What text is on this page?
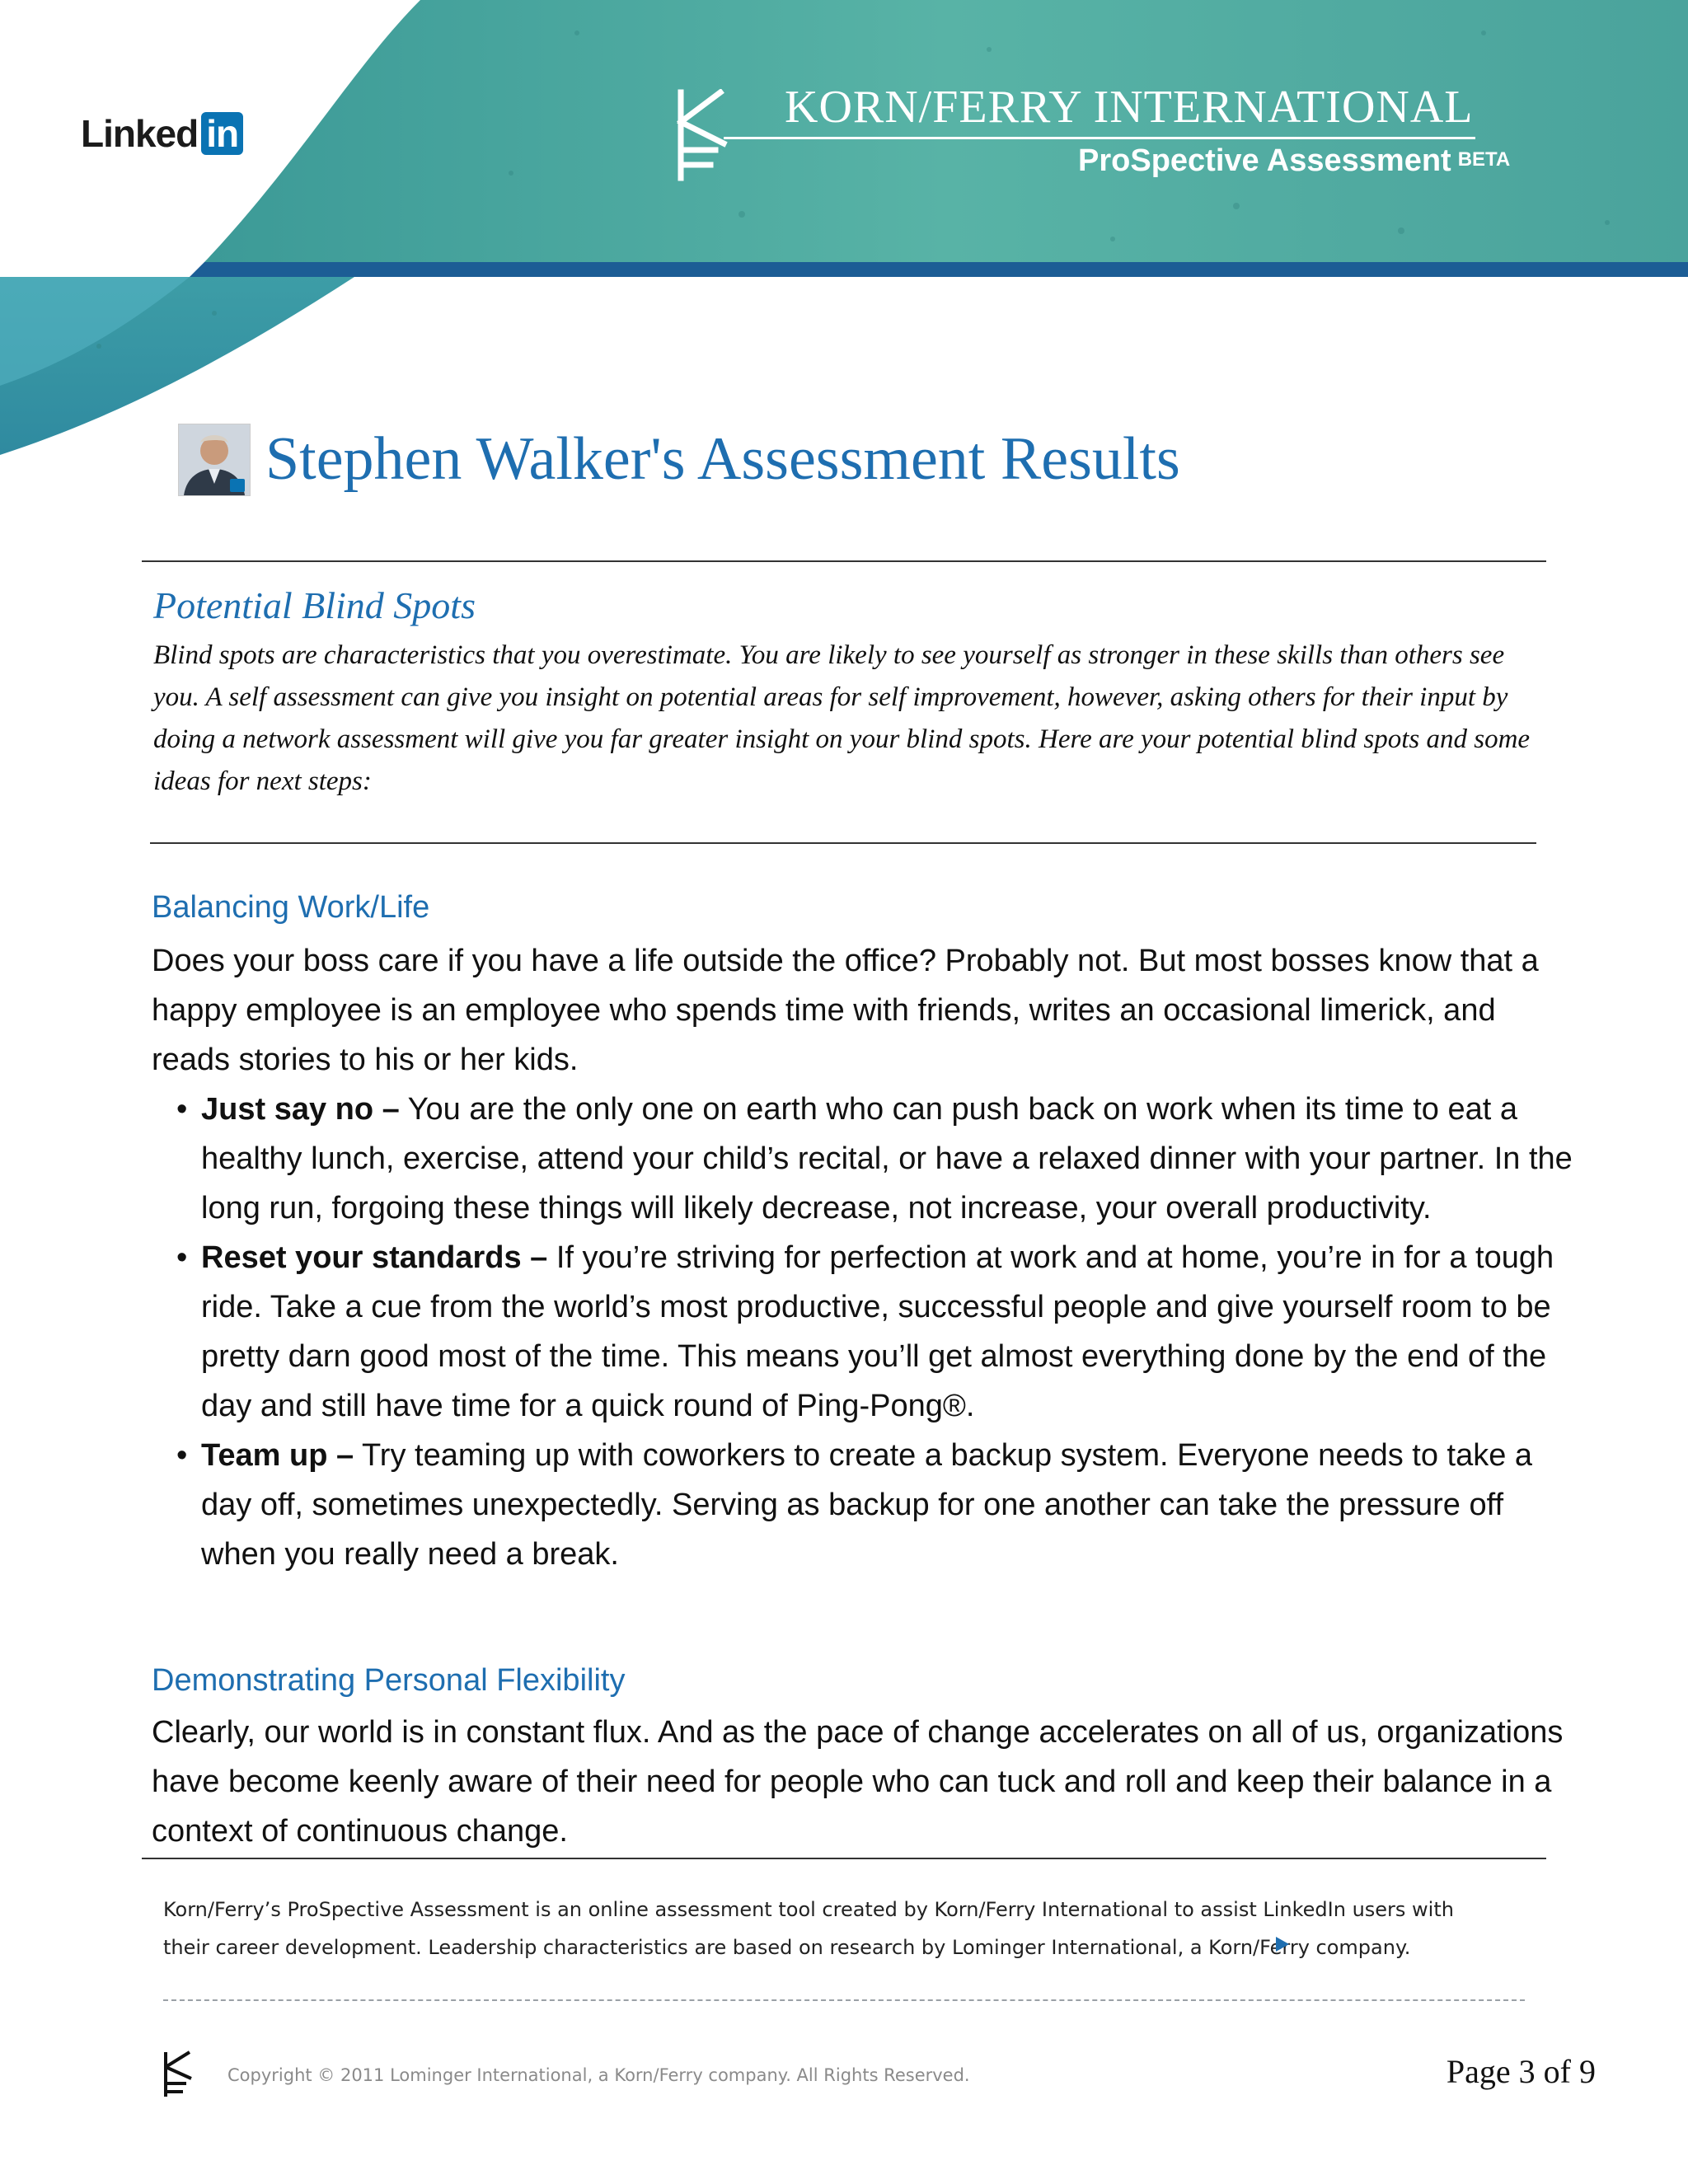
Linked in
KORN/FERRY INTERNATIONAL
ProSpective Assessment $^{BETA}$
Stephen Walker's Assessment Results
Potential Blind Spots

Blind spots are characteristics that you overestimate. You are likely to see yourself as stronger in these skills than others see you. A self assessment can give you insight on potential areas for self improvement, however, asking others for their input by doing a network assessment will give you far greater insight on your blind spots. Here are your potential blind spots and some ideas for next steps:

Balancing Work/Life

Does your boss care if you have a life outside the office? Probably not. But most bosses know that a happy employee is an employee who spends time with friends, writes an occasional limerick, and reads stories to his or her kids.

• Just say no – You are the only one on earth who can push back on work when its time to eat a healthy lunch, exercise, attend your child’s recital, or have a relaxed dinner with your partner. In the long run, forgoing these things will likely decrease, not increase, your overall productivity.
• Reset your standards – If you’re striving for perfection at work and at home, you’re in for a tough ride. Take a cue from the world’s most productive, successful people and give yourself room to be pretty darn good most of the time. This means you’ll get almost everything done by the end of the day and still have time for a quick round of Ping-Pong®.
• Team up – Try teaming up with coworkers to create a backup system. Everyone needs to take a day off, sometimes unexpectedly. Serving as backup for one another can take the pressure off when you really need a break.
Demonstrating Personal Flexibility

Clearly, our world is in constant flux. And as the pace of change accelerates on all of us, organizations have become keenly aware of their need for people who can tuck and roll and keep their balance in a context of continuous change.

Korn/Ferry’s ProSpective Assessment is an online assessment tool created by Korn/Ferry International to assist LinkedIn users with their career development. Leadership characteristics are based on research by Lominger International, a Korn/Ferry company.

Copyright © 2011 Lominger International, a Korn/Ferry company. All Rights Reserved.	Page 3 of 9
